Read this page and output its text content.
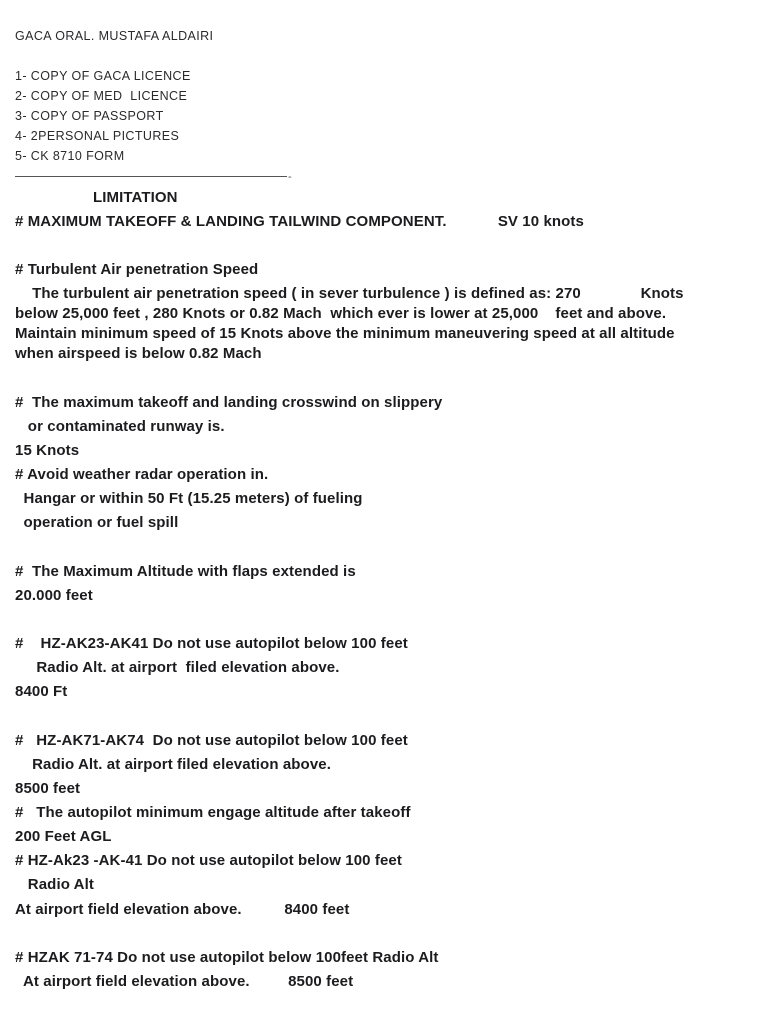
GACA ORAL. MUSTAFA ALDAIRI
1- COPY OF GACA LICENCE
2- COPY OF MED  LICENCE
3- COPY OF PASSPORT
4- 2PERSONAL PICTURES
5- CK 8710 FORM
-
LIMITATION
# MAXIMUM TAKEOFF & LANDING TAILWIND COMPONENT.            SV 10 knots
# Turbulent Air penetration Speed
The turbulent air penetration speed ( in sever turbulence ) is defined as: 270              Knots
below 25,000 feet , 280 Knots or 0.82 Mach  which ever is lower at 25,000    feet and above.
Maintain minimum speed of 15 Knots above the minimum maneuvering speed at all altitude
when airspeed is below 0.82 Mach
#  The maximum takeoff and landing crosswind on slippery
or contaminated runway is.
15 Knots
# Avoid weather radar operation in.
Hangar or within 50 Ft (15.25 meters) of fueling
operation or fuel spill
#  The Maximum Altitude with flaps extended is
20.000 feet
#    HZ-AK23-AK41 Do not use autopilot below 100 feet
Radio Alt. at airport  filed elevation above.
8400 Ft
#   HZ-AK71-AK74  Do not use autopilot below 100 feet
Radio Alt. at airport filed elevation above.
8500 feet
#   The autopilot minimum engage altitude after takeoff
200 Feet AGL
# HZ-Ak23 -AK-41 Do not use autopilot below 100 feet
Radio Alt
At airport field elevation above.          8400 feet
# HZAK 71-74 Do not use autopilot below 100feet Radio Alt
At airport field elevation above.         8500 feet
